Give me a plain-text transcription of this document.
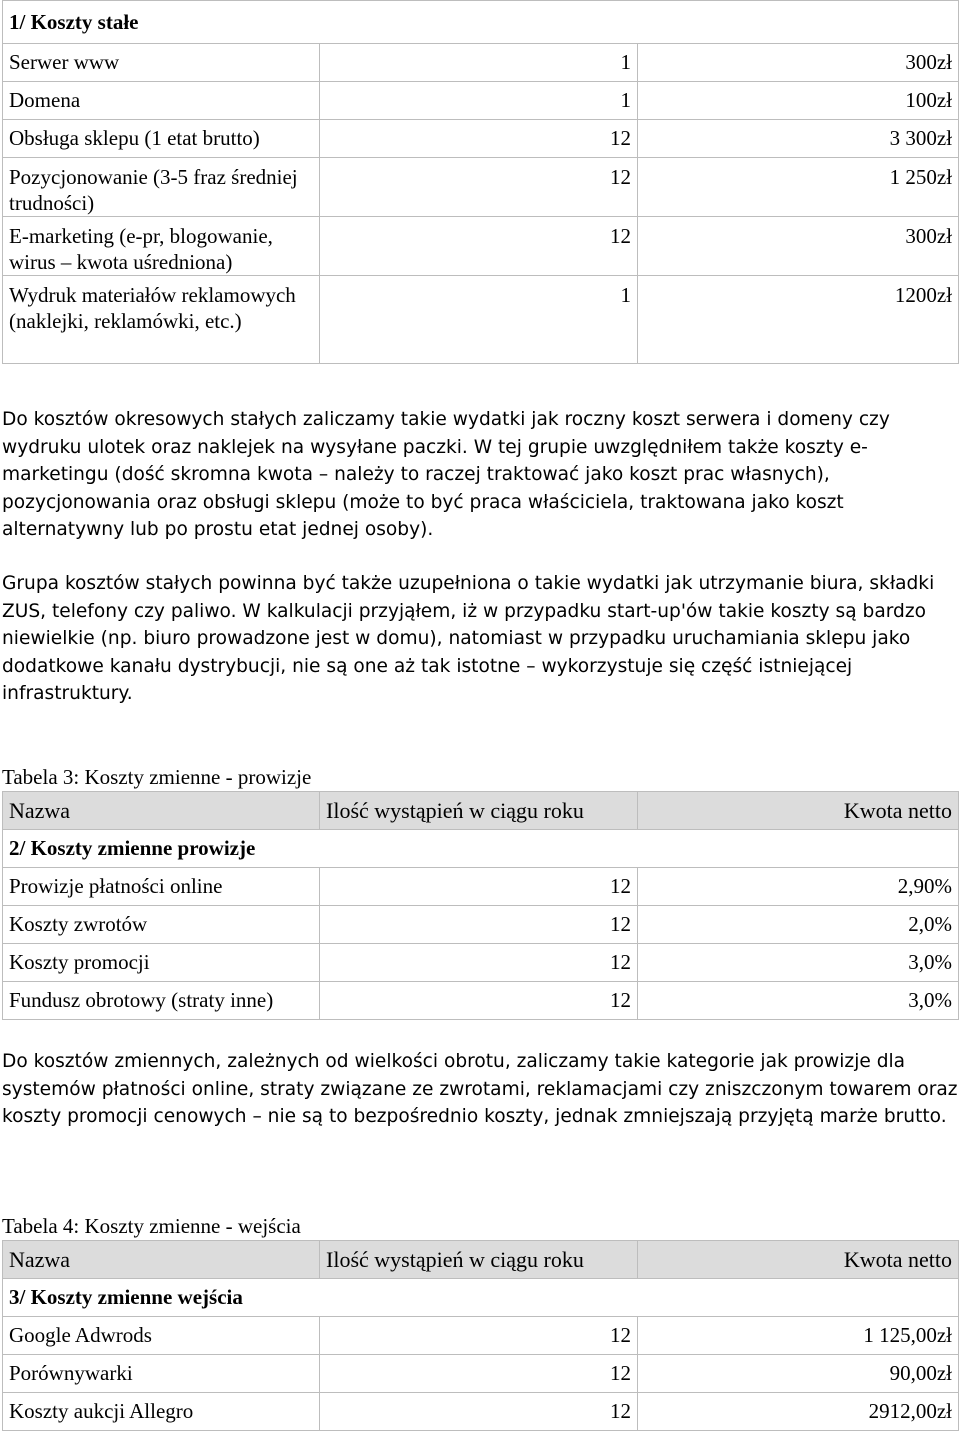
1/ Koszty stałe		
Serwer www	1	300zł
Domena	1	100zł
Obsługa sklepu (1 etat brutto)	12	3 300zł
Pozycjonowanie (3-5 fraz średniej trudności)	12	1 250zł
E-marketing (e-pr, blogowanie, wirus – kwota uśredniona)	12	300zł
Wydruk materiałów reklamowych (naklejki, reklamówki, etc.)	1	1200zł

Do kosztów okresowych stałych zaliczamy takie wydatki jak roczny koszt serwera i domeny czy wydruku ulotek oraz naklejek na wysyłane paczki. W tej grupie uwzględniłem także koszty e-marketingu (dość skromna kwota – należy to raczej traktować jako koszt prac własnych), pozycjonowania oraz obsługi sklepu (może to być praca właściciela, traktowana jako koszt alternatywny lub po prostu etat jednej osoby).

Grupa kosztów stałych powinna być także uzupełniona o takie wydatki jak utrzymanie biura, składki ZUS, telefony czy paliwo. W kalkulacji przyjąłem, iż w przypadku start-up'ów takie koszty są bardzo niewielkie (np. biuro prowadzone jest w domu), natomiast w przypadku uruchamiania sklepu jako dodatkowe kanału dystrybucji, nie są one aż tak istotne – wykorzystuje się część istniejącej infrastruktury.

Tabela 3: Koszty zmienne - prowizje

Nazwa	Ilość wystąpień w ciągu roku	Kwota netto
2/ Koszty zmienne prowizje		
Prowizje płatności online	12	2,90%
Koszty zwrotów	12	2,0%
Koszty promocji	12	3,0%
Fundusz obrotowy (straty inne)	12	3,0%

Do kosztów zmiennych, zależnych od wielkości obrotu, zaliczamy takie kategorie jak prowizje dla systemów płatności online, straty związane ze zwrotami, reklamacjami czy zniszczonym towarem oraz koszty promocji cenowych – nie są to bezpośrednio koszty, jednak zmniejszają przyjętą marże brutto.

Tabela 4: Koszty zmienne - wejścia

Nazwa	Ilość wystąpień w ciągu roku	Kwota netto
3/ Koszty zmienne wejścia		
Google Adwrods	12	1 125,00zł
Porównywarki	12	90,00zł
Koszty aukcji Allegro	12	2912,00zł
